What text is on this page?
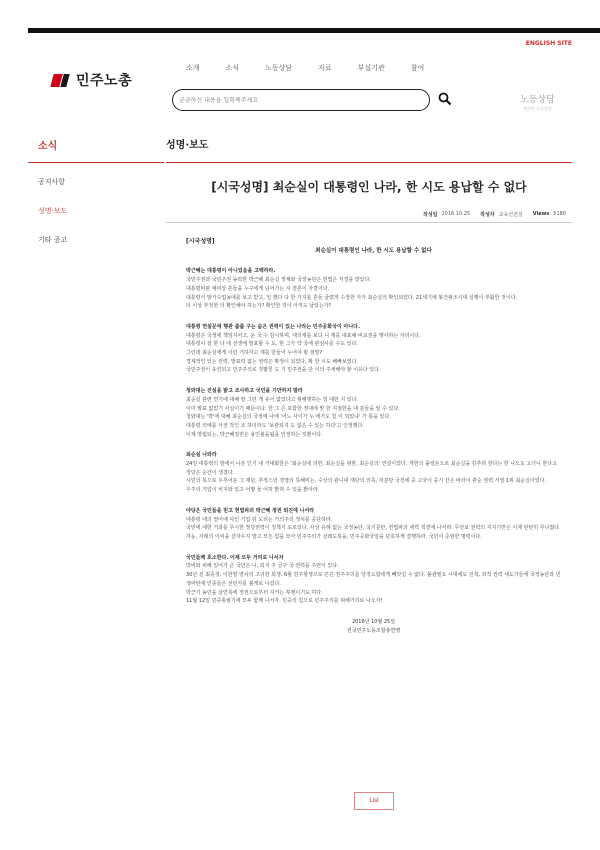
ENGLISH SITE
민주노총
소개	소식	노동상담	자료	부설기관	참여
궁금하신 내용을 입력해주세요
노동상담
온라인 노동상담
소식	성명·보도
공지사항
성명·보도
기타 공고
[시국성명] 최순실이 대통령인 나라, 한 시도 용납할 수 없다
작성일 2016.10.25 작성자 교육선전실 Views 5180
[시국성명]
최순실이 대통령인 나라, 한 시도 용납할 수 없다

박근혜는 대통령이 아니었음을 고백하라.

국민주권과 국민주권 농락한 박근혜 최순실 정체와 국정농단은 헌법은 처결을 받았다.

대통령비판 예비상 흔들을 누구에게 넘어가는 지 결론이 자결이다.

대통령이 발가수업농에를 보고 받고, 일 했다 다 한 가지를 흔들 굴렸게 수정한 자가 최순실의 확인되었다. 21세기에 봉건왕조시대 실행이 부활한 것이다.

더 이상 부정한 더 확인해야 하는가? 확인한 것이 아직도 남았는가?

대통령 연설문에 행관 줍줍 구는 숨은 권력이 있는 나라는 민주공화국이 아니다.

대통령은 국정에 책임지어고, 운 국 수 감시하며, 대의제를 보다 니 제를 대표해 비교권을 행사하는 자리이다.

대통령이 잘 한 다 대 선생에 발표할 수 도, 현 그가 약 국에 관심사를 수도 있다.

그런데 최순실에게 이런 거하자고 제를 만들어 누어야 할 점말?

경제적인 있는 권력, 발표력 없는 권력은 확정이 되었다, 확 한 시도 해빠보였다.

국민주권이 유린되고 민주주의로 짓밟힌 도 기 민주권을 단 이의 주세해야 할 이유다 있다.

청와대는 진실을 밝고 조사하고 국민을 기만하지 말라

최순실 관련 연기에 대해 말 그런 게 유이 없었다고 형해명하는 청 대한 지 있다.

이미 발표 없었기 사실이기 때문이다. 한 그 은 포함한 정대에 맞 한 지점한을 대 분들을 알 수 있다.

청와대는 '박'에 대해 최순실의 국정에 나에 '어느 사이가 누 에가도 힘 이 되었냐' 가 통을 있다.

대통령 의에를 사전 작인 조 하더라도 '보관되지 도 없은 수 있는 하다'고 인정했다.

이제 양립되는, 박근혜정권은 용인불을됩을 인정하는 것뿐이다.

최순실 나와라

24일 대통령의 말에서 나온 인기 내 거대화한은 '최순실에 의한, 최순실을 위한, 최순실의' 연설이었다. 개헌의 출렁돈으로 최순실을 감추려 한다는 한 나오도 고녀니 한다고 정당은 순간이 생겼다.

시민의 목으로 우루어둔 그 재단, 추정스런 경영의 특혜비는, 수상의 관니대 재단의 의혹, 처분당 국정에 중 고국이 중기 간은 바라이 관순 권력 서열 1위 최순실이었다.

우주의 기업이 비지와 있고 어떻 들 어허 밝혀 수 있을 밝아라.

야당은 국민들을 믿고 헌법파괴 박근혜 정권 퇴진에 나서라

대통령 대의 열어에 사인 기업 뒤 도리는 거의주의 정치를 중단하라.

국민에 대한 거과를 무시한 정당권력이 정책기 도로있다. 사상 유례 없는 국정농단, 국기문란, 헌법파괴 세력 척결에 나서라. 무엇보 권력의 지지기반은 이제 탄탄히 무너졌다.

자눈, 자래의 이익을 살자우지 말고 모든 힘을 모아 민주주의가 살레도록을, 민주공화국임을 단호하게 결행하라. 국민이 준엄한 명령이다.

국민들께 호소한다. 이제 모두 거리로 나서자

박비와 피해 있어가 큰 국민은 니, 되지 주 금주 국 권력을 주권이 있다.

30년 전 최종청, 이한열 열사의 고귀한 희생, 6월 민주항쟁으로 끈끈 권주주의를 당징도함에게 빼앗길 수 없다. 불관필요 시대에도 진척, 외적 권력 세도가들에 국정농단과 민생파탄에 인종들은 선언자를 볼게로 나섰다.

박근기 농민을 살연목에 정권으로부터 지키는 투쟁이기도 하다.

11월 12일 민중총궐기에 모두 함께 나서자. 민중의 힘으로 민주주의를 위해거리로 나오자!

2016년 10월 25일

전국민주노동조합총연맹

List
